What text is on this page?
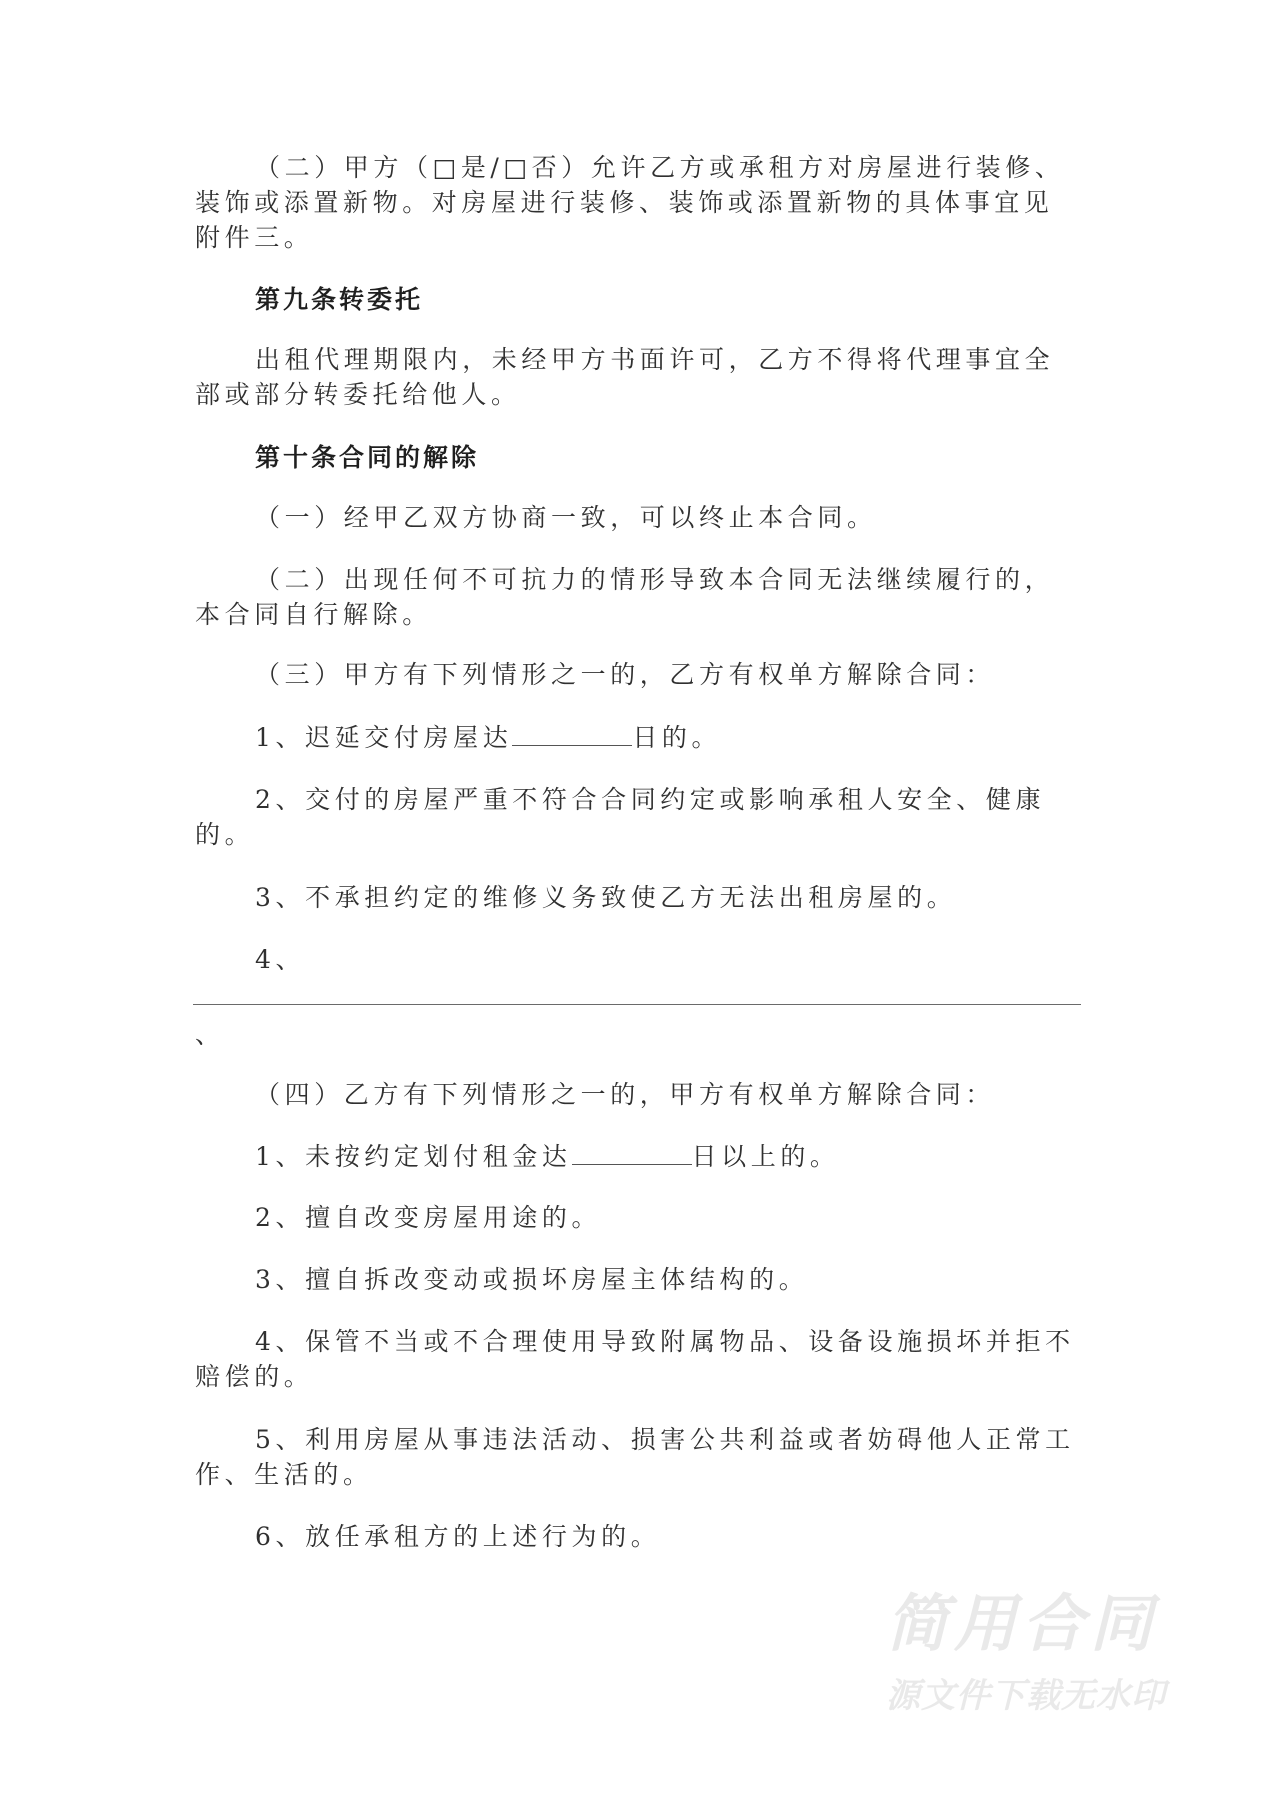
（二）甲方（□是/□否）允许乙方或承租方对房屋进行装修、
装饰或添置新物。对房屋进行装修、装饰或添置新物的具体事宜见
附件三。
第九条转委托
出租代理期限内，未经甲方书面许可，乙方不得将代理事宜全
部或部分转委托给他人。
第十条合同的解除
（一）经甲乙双方协商一致，可以终止本合同。
（二）出现任何不可抗力的情形导致本合同无法继续履行的，
本合同自行解除。
（三）甲方有下列情形之一的，乙方有权单方解除合同：
1、迟延交付房屋达	日的。
2、交付的房屋严重不符合合同约定或影响承租人安全、健康
的。
3、不承担约定的维修义务致使乙方无法出租房屋的。
4、
、
（四）乙方有下列情形之一的，甲方有权单方解除合同：
1、未按约定划付租金达	日以上的。
2、擅自改变房屋用途的。
3、擅自拆改变动或损坏房屋主体结构的。
4、保管不当或不合理使用导致附属物品、设备设施损坏并拒不
赔偿的。
5、利用房屋从事违法活动、损害公共利益或者妨碍他人正常工
作、生活的。
6、放任承租方的上述行为的。
简用合同
源文件下载无水印
